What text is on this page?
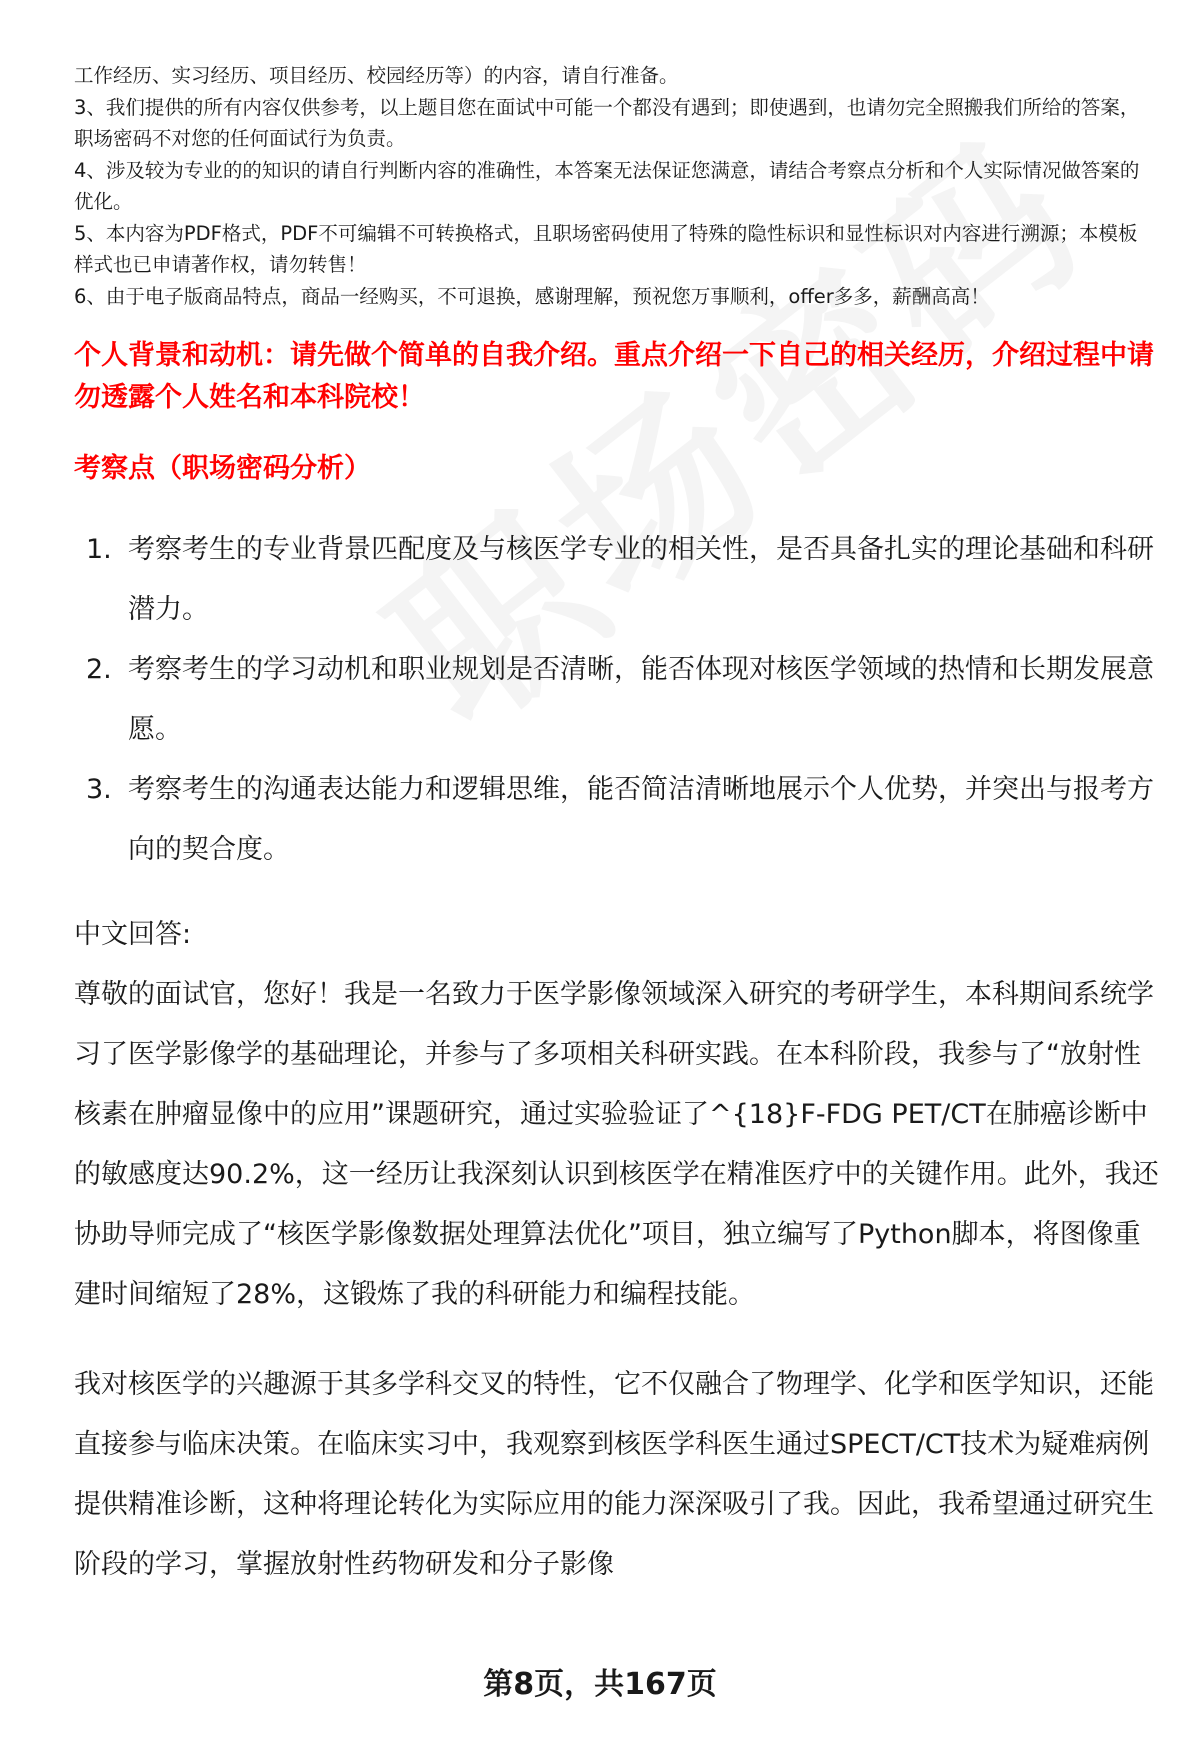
工作经历、实习经历、项目经历、校园经历等）的内容，请自行准备。

3、我们提供的所有内容仅供参考，以上题目您在面试中可能一个都没有遇到；即使遇到，也请勿完全照搬我们所给的答案，职场密码不对您的任何面试行为负责。

4、涉及较为专业的的知识的请自行判断内容的准确性，本答案无法保证您满意，请结合考察点分析和个人实际情况做答案的优化。

5、本内容为PDF格式，PDF不可编辑不可转换格式，且职场密码使用了特殊的隐性标识和显性标识对内容进行溯源；本模板样式也已申请著作权，请勿转售！

6、由于电子版商品特点，商品一经购买，不可退换，感谢理解，预祝您万事顺利，offer多多，薪酬高高！

个人背景和动机：请先做个简单的自我介绍。重点介绍一下自己的相关经历，介绍过程中请勿透露个人姓名和本科院校！

考察点（职场密码分析）

1. 考察考生的专业背景匹配度及与核医学专业的相关性，是否具备扎实的理论基础和科研潜力。
2. 考察考生的学习动机和职业规划是否清晰，能否体现对核医学领域的热情和长期发展意愿。
3. 考察考生的沟通表达能力和逻辑思维，能否简洁清晰地展示个人优势，并突出与报考方向的契合度。

中文回答:

尊敬的面试官，您好！我是一名致力于医学影像领域深入研究的考研学生，本科期间系统学习了医学影像学的基础理论，并参与了多项相关科研实践。在本科阶段，我参与了“放射性核素在肿瘤显像中的应用”课题研究，通过实验验证了^{18}F-FDG PET/CT在肺癌诊断中的敏感度达90.2%，这一经历让我深刻认识到核医学在精准医疗中的关键作用。此外，我还协助导师完成了“核医学影像数据处理算法优化”项目，独立编写了Python脚本，将图像重建时间缩短了28%，这锻炼了我的科研能力和编程技能。

我对核医学的兴趣源于其多学科交叉的特性，它不仅融合了物理学、化学和医学知识，还能直接参与临床决策。在临床实习中，我观察到核医学科医生通过SPECT/CT技术为疑难病例提供精准诊断，这种将理论转化为实际应用的能力深深吸引了我。因此，我希望通过研究生阶段的学习，掌握放射性药物研发和分子影像

第8页，共167页
